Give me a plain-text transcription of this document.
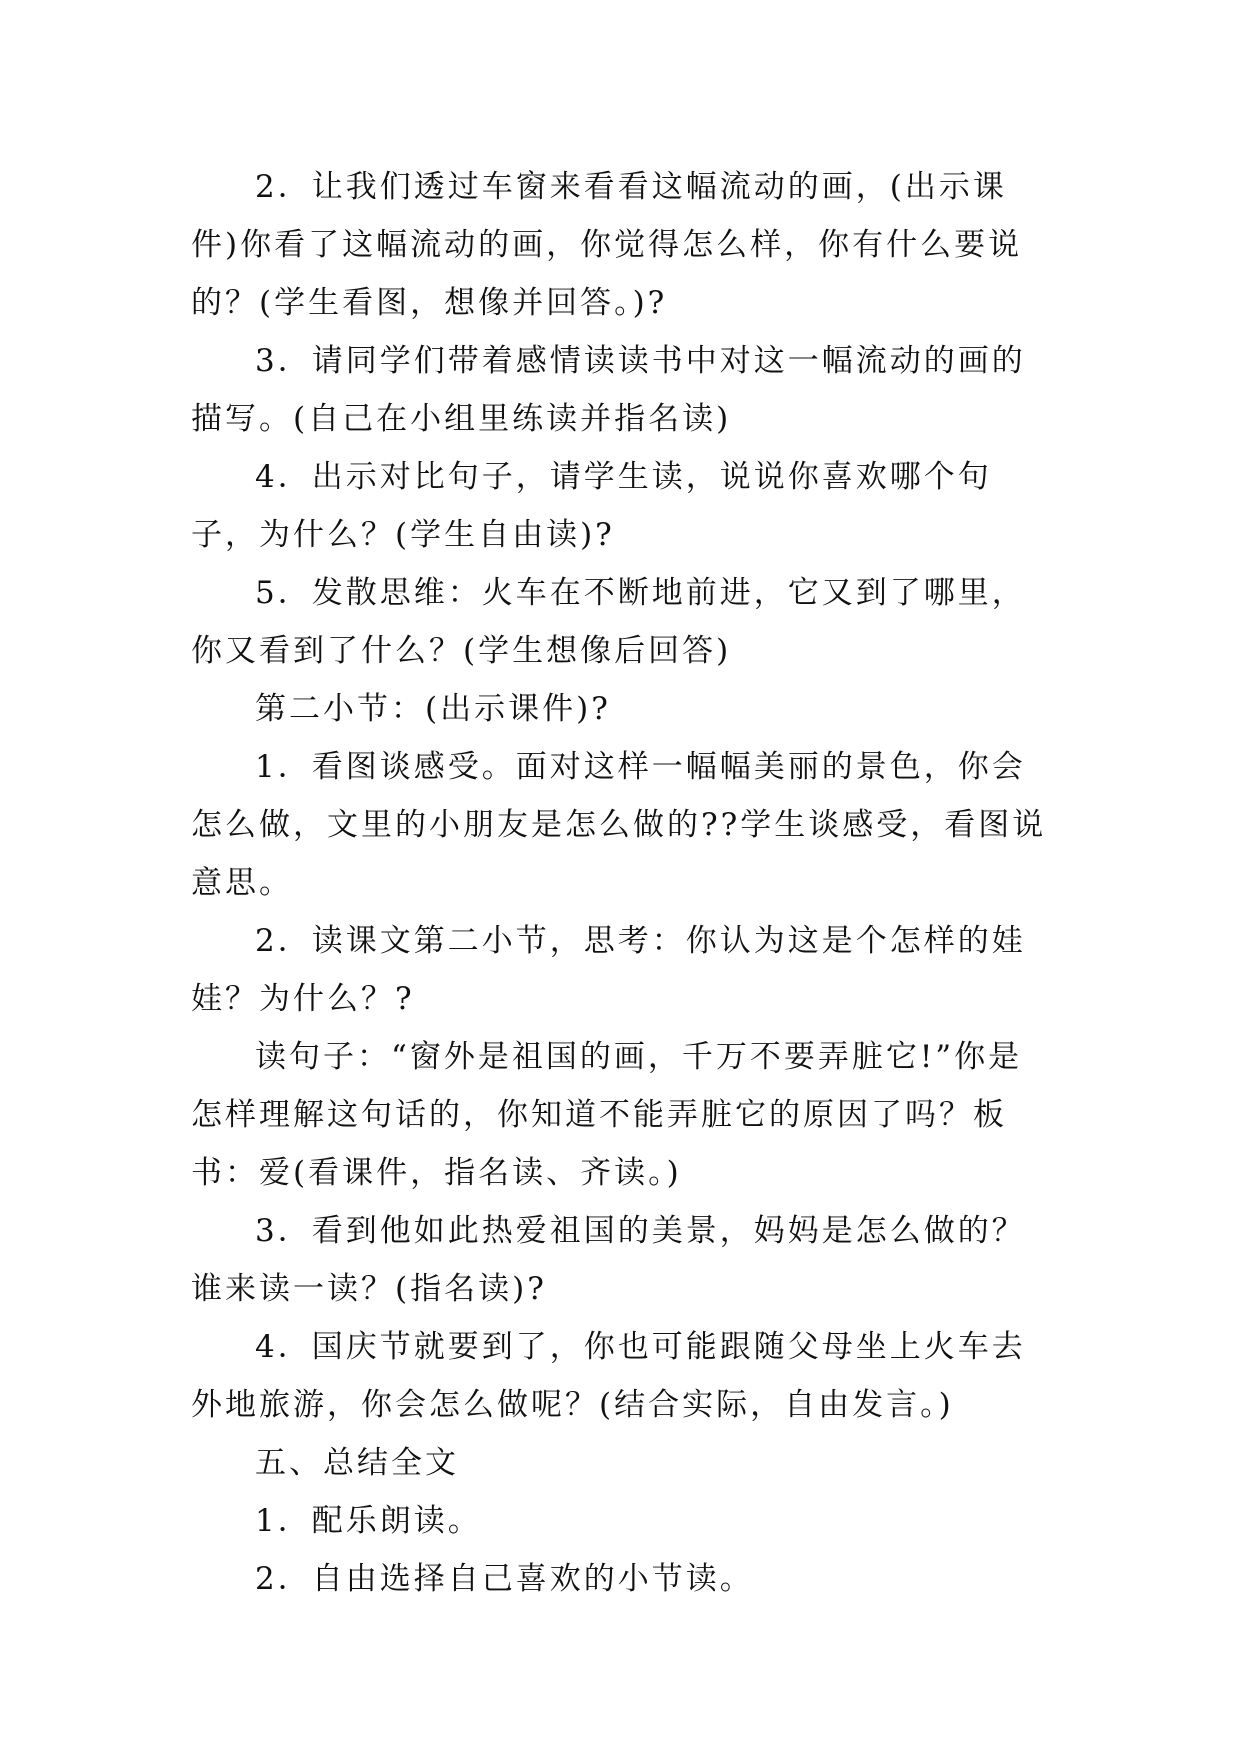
2．让我们透过车窗来看看这幅流动的画，(出示课件)你看了这幅流动的画，你觉得怎么样，你有什么要说的？(学生看图，想像并回答。)?

3．请同学们带着感情读读书中对这一幅流动的画的描写。(自己在小组里练读并指名读)

4．出示对比句子，请学生读，说说你喜欢哪个句子，为什么？(学生自由读)?

5．发散思维：火车在不断地前进，它又到了哪里，你又看到了什么？(学生想像后回答)

第二小节：(出示课件)?

1．看图谈感受。面对这样一幅幅美丽的景色，你会怎么做，文里的小朋友是怎么做的??学生谈感受，看图说意思。

2．读课文第二小节，思考：你认为这是个怎样的娃娃？为什么？?

读句子：“窗外是祖国的画，千万不要弄脏它!”你是怎样理解这句话的，你知道不能弄脏它的原因了吗？板书：爱(看课件，指名读、齐读。)

3．看到他如此热爱祖国的美景，妈妈是怎么做的？谁来读一读？(指名读)?

4．国庆节就要到了，你也可能跟随父母坐上火车去外地旅游，你会怎么做呢？(结合实际，自由发言。)

五、总结全文

1．配乐朗读。

2．自由选择自己喜欢的小节读。
